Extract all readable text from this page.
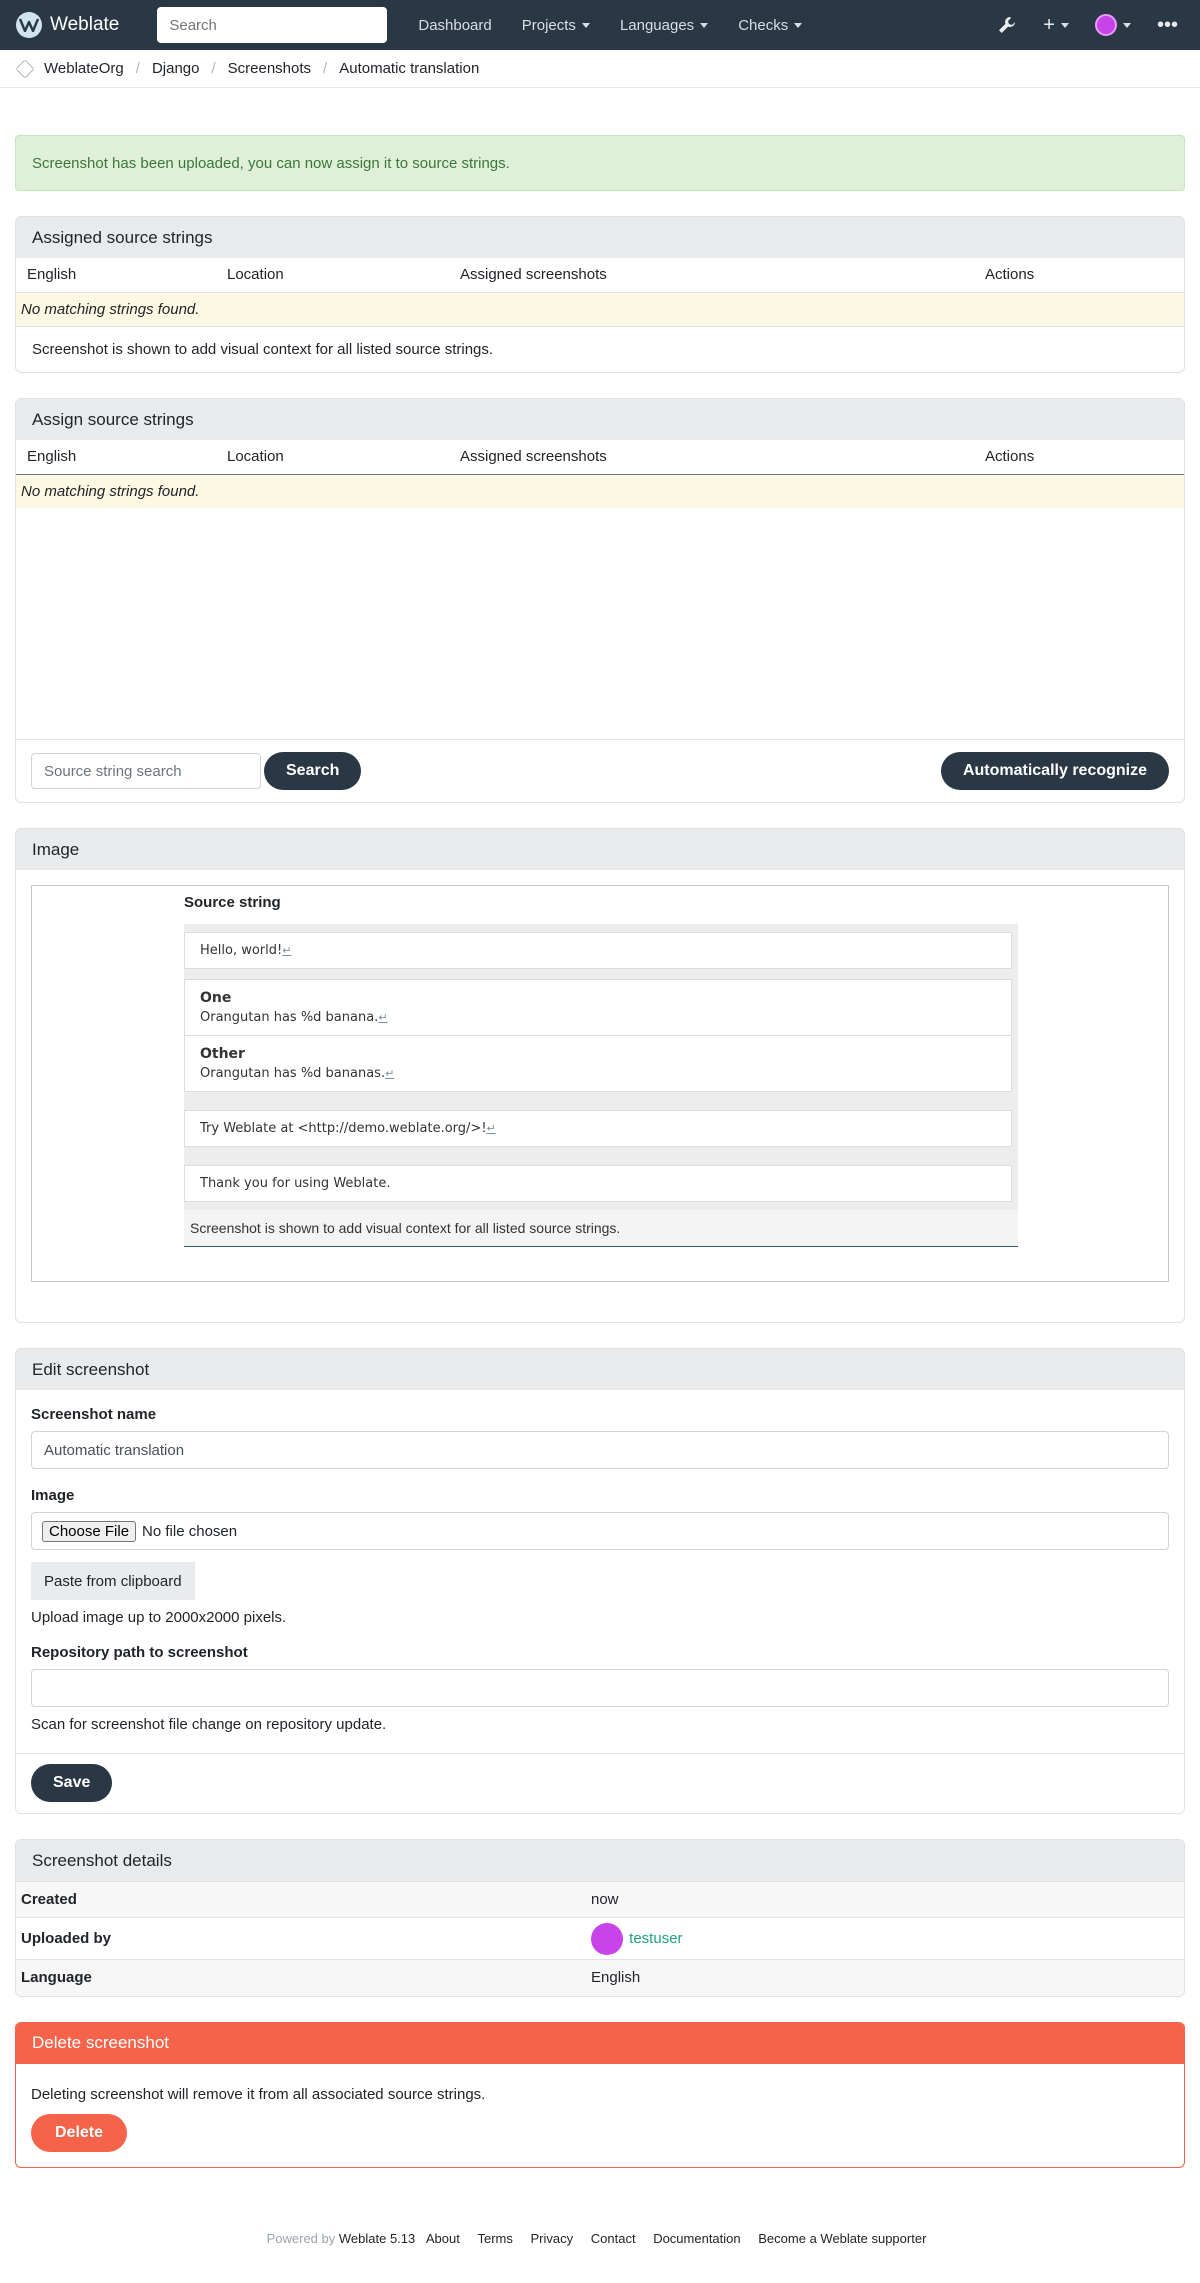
Weblate
Search	Dashboard Projects	Languages	Checks	+	•••
WeblateOrg / Django / Screenshots / Automatic translation
Screenshot has been uploaded, you can now assign it to source strings.
Assigned source strings
English	Location	Assigned screenshots	Actions
No matching strings found.
Screenshot is shown to add visual context for all listed source strings.
Assign source strings
English	Location	Assigned screenshots	Actions
No matching strings found.
Source string search	Search	Automatically recognize
Image
Source string
Hello, world!↵
One
Orangutan has %d banana.↵
Other
Orangutan has %d bananas.↵
Try Weblate at <http://demo.weblate.org/>!↵
Thank you for using Weblate.
Screenshot is shown to add visual context for all listed source strings.
Edit screenshot
Screenshot name
Automatic translation
Image
Choose File No file chosen
Paste from clipboard
Upload image up to 2000x2000 pixels.
Repository path to screenshot
Scan for screenshot file change on repository update.
Save
Screenshot details
Created	now
Uploaded by	testuser
Language	English
Delete screenshot
Deleting screenshot will remove it from all associated source strings.
Delete
Powered by Weblate 5.13 About Terms Privacy Contact Documentation Become a Weblate supporter
